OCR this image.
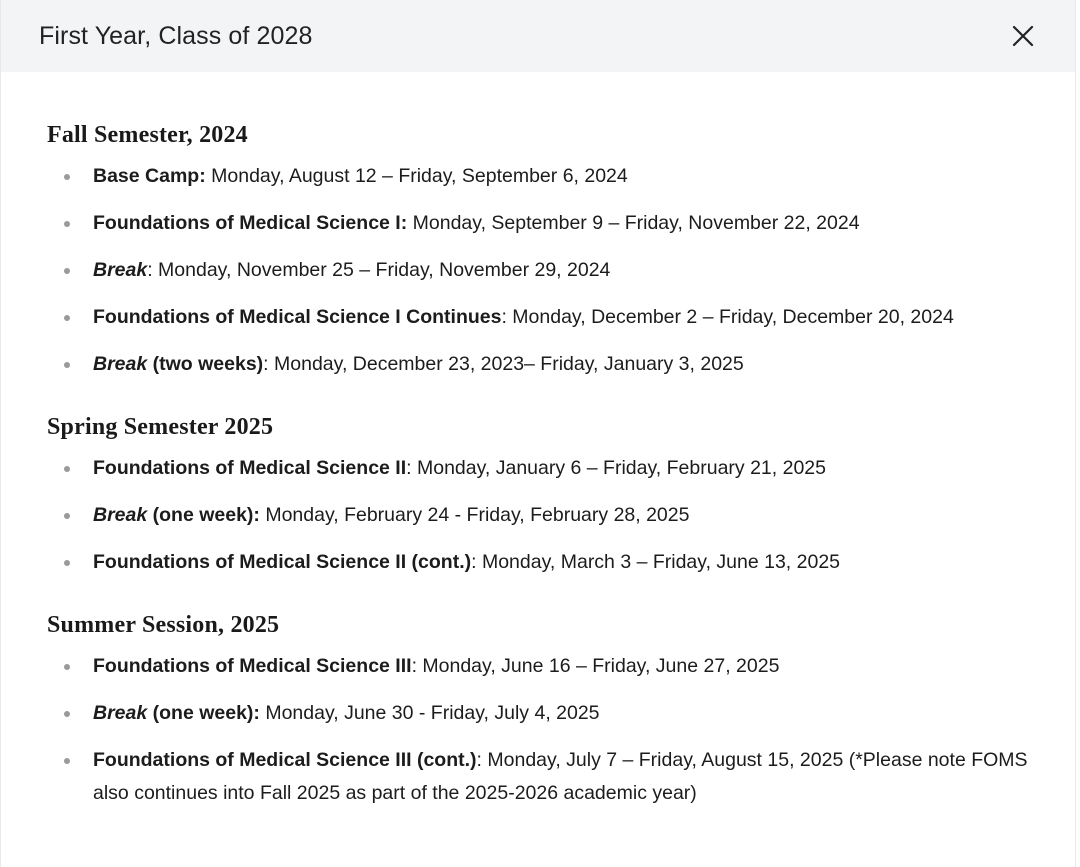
First Year, Class of 2028
Fall Semester, 2024
Base Camp: Monday, August 12 – Friday, September 6, 2024
Foundations of Medical Science I: Monday, September 9 – Friday, November 22, 2024
Break: Monday, November 25 – Friday, November 29, 2024
Foundations of Medical Science I Continues: Monday, December 2 – Friday, December 20, 2024
Break (two weeks): Monday, December 23, 2023– Friday, January 3, 2025
Spring Semester 2025
Foundations of Medical Science II: Monday, January 6 – Friday, February 21, 2025
Break (one week): Monday, February 24 - Friday, February 28, 2025
Foundations of Medical Science II (cont.): Monday, March 3 – Friday, June 13, 2025
Summer Session, 2025
Foundations of Medical Science III: Monday, June 16 – Friday, June 27, 2025
Break (one week): Monday, June 30 - Friday, July 4, 2025
Foundations of Medical Science III (cont.): Monday, July 7 – Friday, August 15, 2025 (*Please note FOMS also continues into Fall 2025 as part of the 2025-2026 academic year)
